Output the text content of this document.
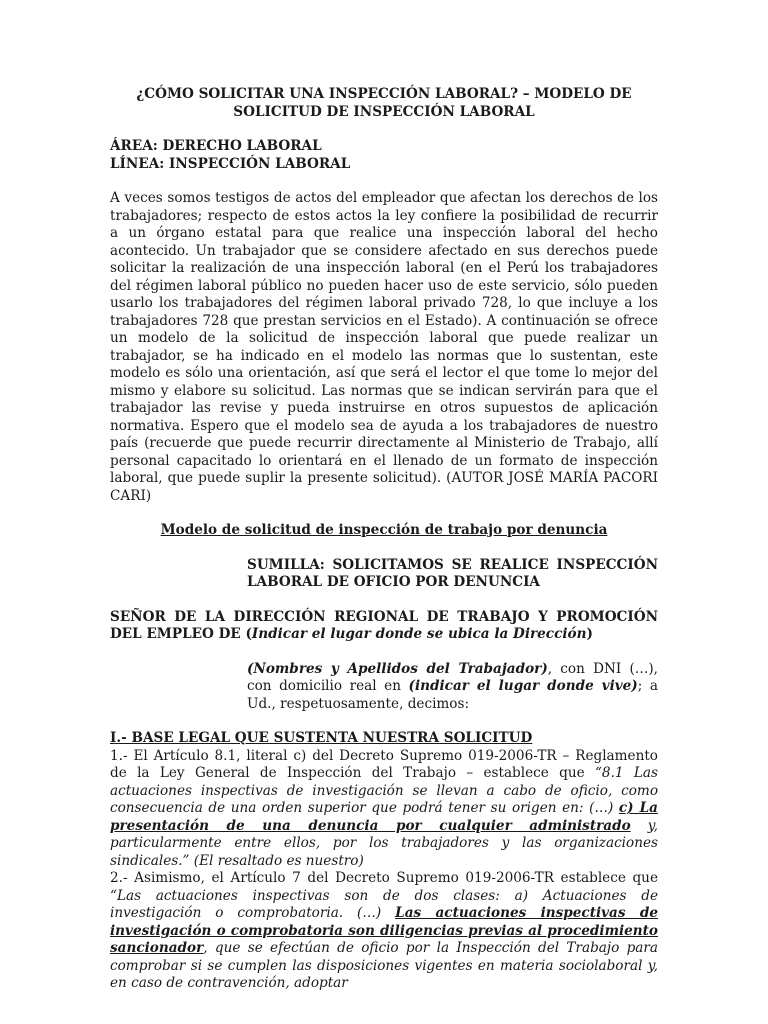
¿CÓMO SOLICITAR UNA INSPECCIÓN LABORAL? – MODELO DE SOLICITUD DE INSPECCIÓN LABORAL

ÁREA: DERECHO LABORAL
LÍNEA: INSPECCIÓN LABORAL

A veces somos testigos de actos del empleador que afectan los derechos de los trabajadores; respecto de estos actos la ley confiere la posibilidad de recurrir a un órgano estatal para que realice una inspección laboral del hecho acontecido. Un trabajador que se considere afectado en sus derechos puede solicitar la realización de una inspección laboral (en el Perú los trabajadores del régimen laboral público no pueden hacer uso de este servicio, sólo pueden usarlo los trabajadores del régimen laboral privado 728, lo que incluye a los trabajadores 728 que prestan servicios en el Estado). A continuación se ofrece un modelo de la solicitud de inspección laboral que puede realizar un trabajador, se ha indicado en el modelo las normas que lo sustentan, este modelo es sólo una orientación, así que será el lector el que tome lo mejor del mismo y elabore su solicitud. Las normas que se indican servirán para que el trabajador las revise y pueda instruirse en otros supuestos de aplicación normativa. Espero que el modelo sea de ayuda a los trabajadores de nuestro país (recuerde que puede recurrir directamente al Ministerio de Trabajo, allí personal capacitado lo orientará en el llenado de un formato de inspección laboral, que puede suplir la presente solicitud). (AUTOR JOSÉ MARÍA PACORI CARI)

Modelo de solicitud de inspección de trabajo por denuncia
SUMILLA: SOLICITAMOS SE REALICE INSPECCIÓN LABORAL DE OFICIO POR DENUNCIA
SEÑOR DE LA DIRECCIÓN REGIONAL DE TRABAJO Y PROMOCIÓN DEL EMPLEO DE (Indicar el lugar donde se ubica la Dirección)
(Nombres y Apellidos del Trabajador), con DNI (…), con domicilio real en (indicar el lugar donde vive); a Ud., respetuosamente, decimos:
I.- BASE LEGAL QUE SUSTENTA NUESTRA SOLICITUD

1.- El Artículo 8.1, literal c) del Decreto Supremo 019-2006-TR – Reglamento de la Ley General de Inspección del Trabajo – establece que “8.1 Las actuaciones inspectivas de investigación se llevan a cabo de oficio, como consecuencia de una orden superior que podrá tener su origen en: (…) c) La presentación de una denuncia por cualquier administrado y, particularmente entre ellos, por los trabajadores y las organizaciones sindicales.” (El resaltado es nuestro)

2.- Asimismo, el Artículo 7 del Decreto Supremo 019-2006-TR establece que “Las actuaciones inspectivas son de dos clases: a) Actuaciones de investigación o comprobatoria. (…) Las actuaciones inspectivas de investigación o comprobatoria son diligencias previas al procedimiento sancionador, que se efectúan de oficio por la Inspección del Trabajo para comprobar si se cumplen las disposiciones vigentes en materia sociolaboral y, en caso de contravención, adoptar
